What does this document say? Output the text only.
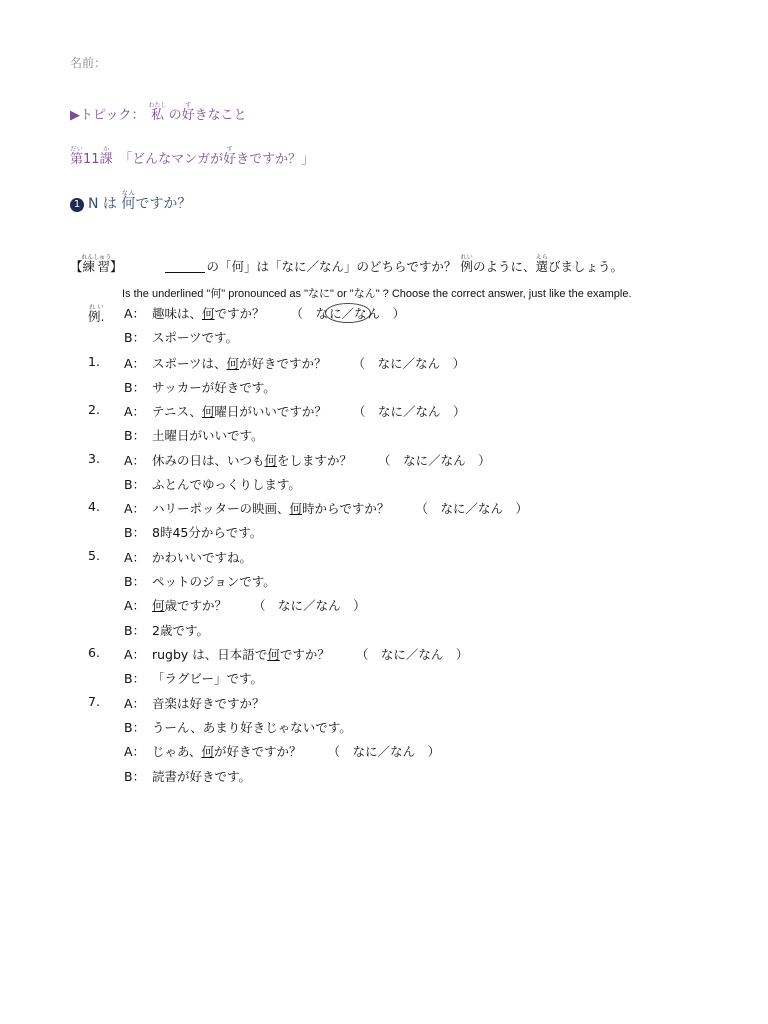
名前：
▶トピック：　 私わたし の好すきなこと
第だい11課か　「どんなマンガが好すきですか？」
1 N は 何なんですか？
【練習れんしゅう】	の「何」は「なに／なん」のどちらですか？ 例れいのように、選えらびましょう。
Is the underlined "何" pronounced as "なに" or "なん" ? Choose the correct answer, just like the example.
例.れい A： 趣味は、何ですか？ （　なに／なん　）
B： スポーツです。
1. A： スポーツは、何が好きですか？ （　なに／なん　）
B： サッカーが好きです。
2. A： テニス、何曜日がいいですか？ （　なに／なん　）
B： 土曜日がいいです。
3. A： 休みの日は、いつも何をしますか？ （　なに／なん　）
B： ふとんでゆっくりします。
4. A： ハリーポッターの映画、何時からですか？ （　なに／なん　）
B： 8時45分からです。
5. A： かわいいですね。
B： ペットのジョンです。
A： 何歳ですか？ （　なに／なん　）
B： 2歳です。
6. A： rugby は、日本語で何ですか？ （　なに／なん　）
B： 「ラグビー」です。
7. A： 音楽は好きですか？
B： うーん、あまり好きじゃないです。
A： じゃあ、何が好きですか？ （　なに／なん　）
B： 読書が好きです。
